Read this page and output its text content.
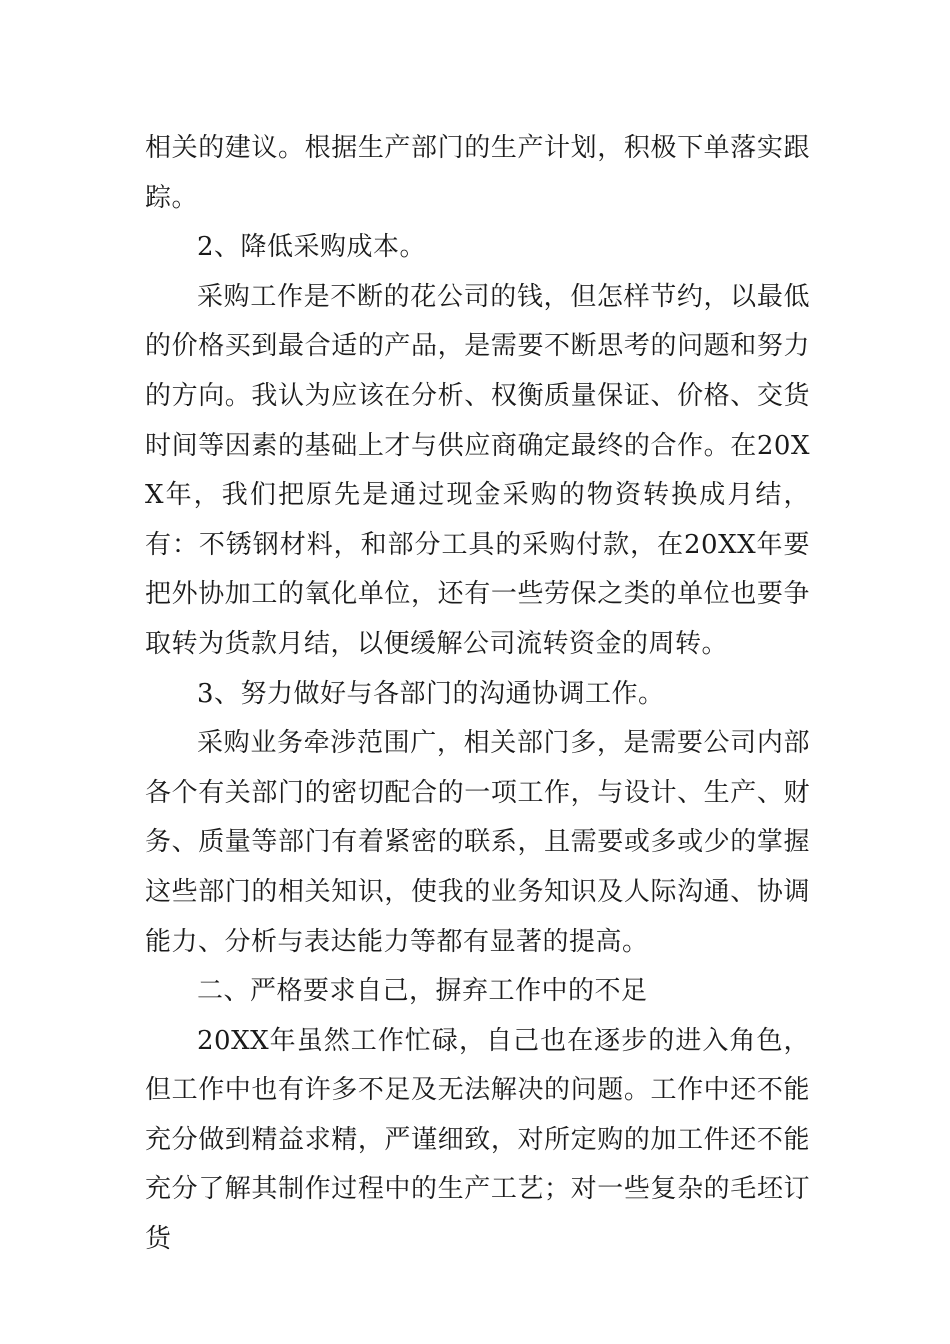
相关的建议。根据生产部门的生产计划，积极下单落实跟踪。

2、降低采购成本。

采购工作是不断的花公司的钱，但怎样节约，以最低的价格买到最合适的产品，是需要不断思考的问题和努力的方向。我认为应该在分析、权衡质量保证、价格、交货时间等因素的基础上才与供应商确定最终的合作。在20XX年，我们把原先是通过现金采购的物资转换成月结，有：不锈钢材料，和部分工具的采购付款，在20XX年要把外协加工的氧化单位，还有一些劳保之类的单位也要争取转为货款月结，以便缓解公司流转资金的周转。

3、努力做好与各部门的沟通协调工作。

采购业务牵涉范围广，相关部门多，是需要公司内部各个有关部门的密切配合的一项工作，与设计、生产、财务、质量等部门有着紧密的联系，且需要或多或少的掌握这些部门的相关知识，使我的业务知识及人际沟通、协调能力、分析与表达能力等都有显著的提高。

二、严格要求自己，摒弃工作中的不足

20XX年虽然工作忙碌，自己也在逐步的进入角色，但工作中也有许多不足及无法解决的问题。工作中还不能充分做到精益求精，严谨细致，对所定购的加工件还不能充分了解其制作过程中的生产工艺；对一些复杂的毛坯订货
